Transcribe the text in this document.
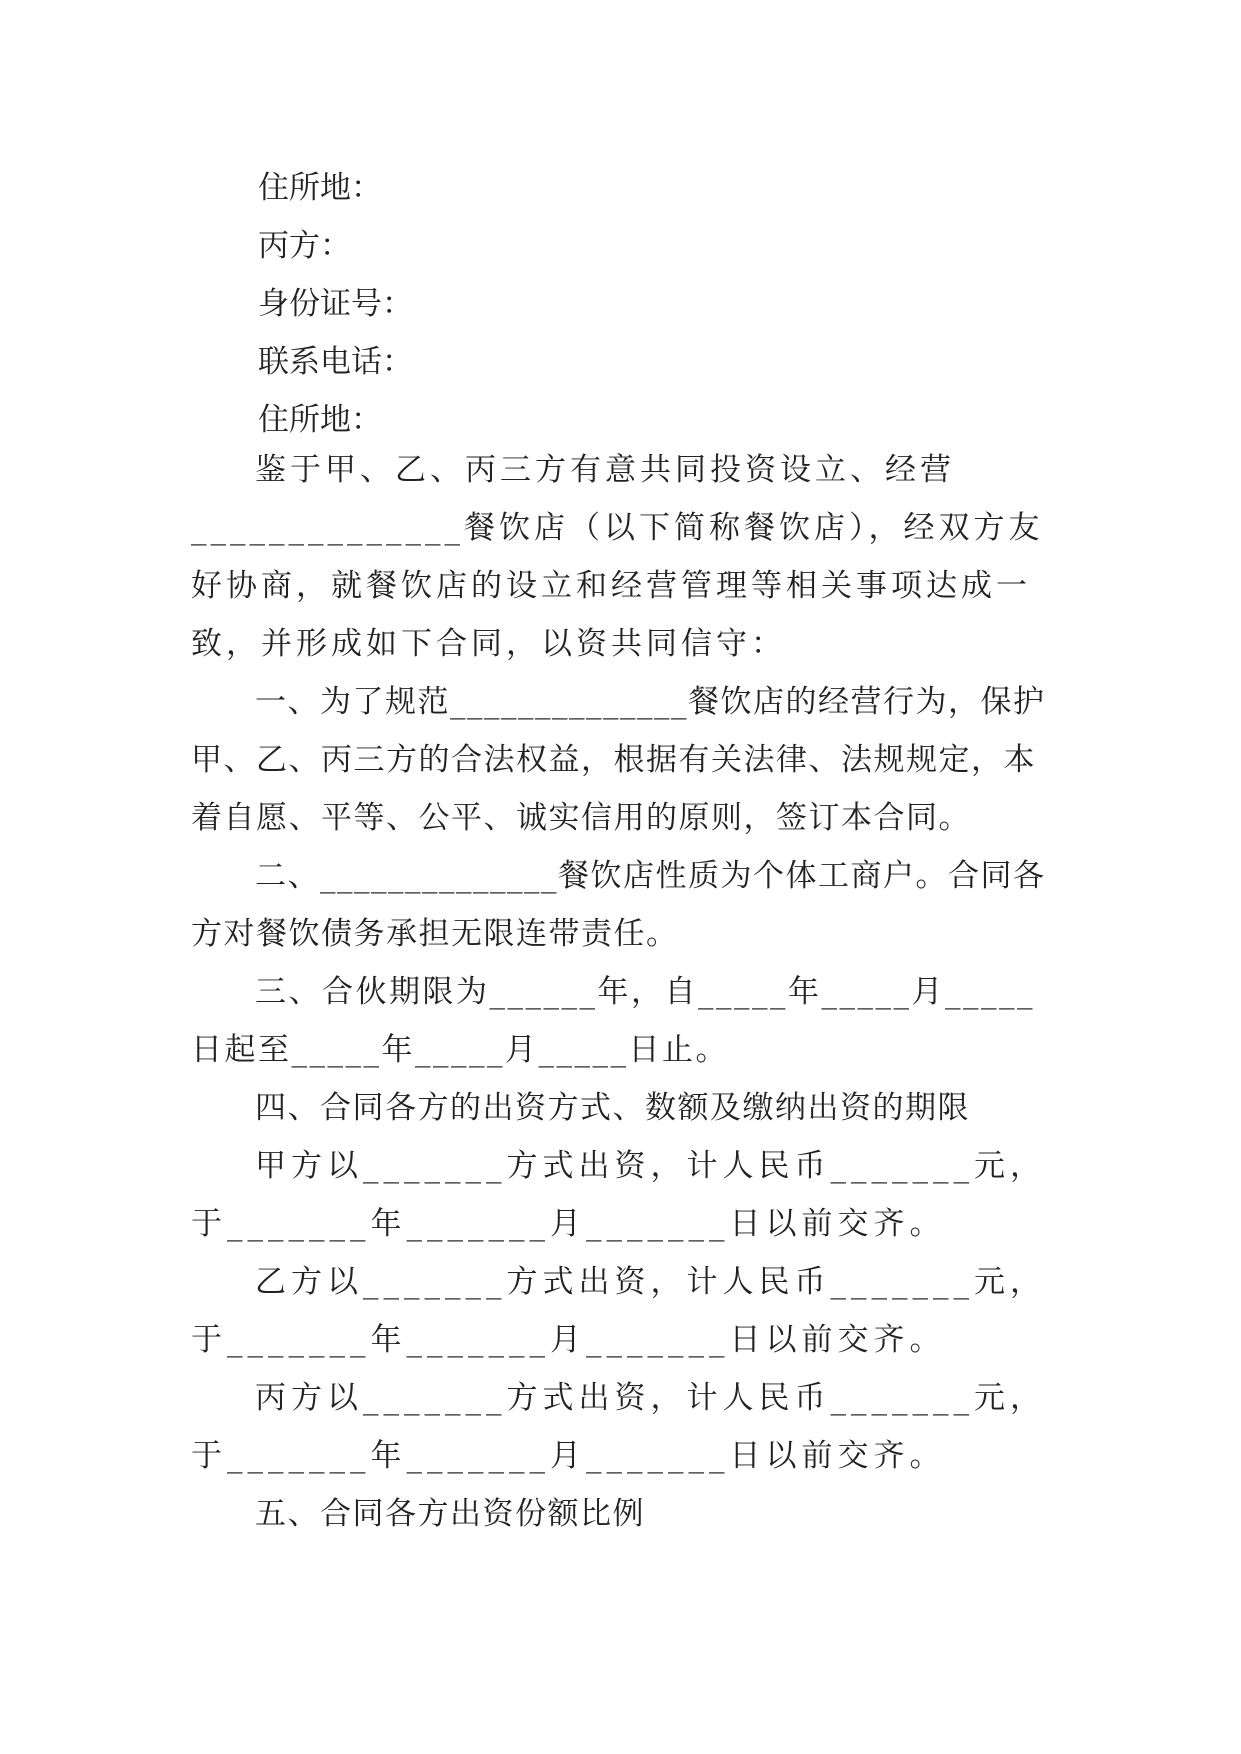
住所地：
丙方：
身份证号：
联系电话：
住所地：
鉴于甲、乙、丙三方有意共同投资设立、经营______________餐饮店（以下简称餐饮店），经双方友好协商，就餐饮店的设立和经营管理等相关事项达成一致，并形成如下合同，以资共同信守：
一、为了规范______________餐饮店的经营行为，保护甲、乙、丙三方的合法权益，根据有关法律、法规规定，本着自愿、平等、公平、诚实信用的原则，签订本合同。
二、______________餐饮店性质为个体工商户。合同各方对餐饮债务承担无限连带责任。
三、合伙期限为______年，自_____年_____月_____日起至_____年_____月_____日止。
四、合同各方的出资方式、数额及缴纳出资的期限
甲方以_______方式出资，计人民币_______元，于_______年_______月_______日以前交齐。
乙方以_______方式出资，计人民币_______元，于_______年_______月_______日以前交齐。
丙方以_______方式出资，计人民币_______元，于_______年_______月_______日以前交齐。
五、合同各方出资份额比例
